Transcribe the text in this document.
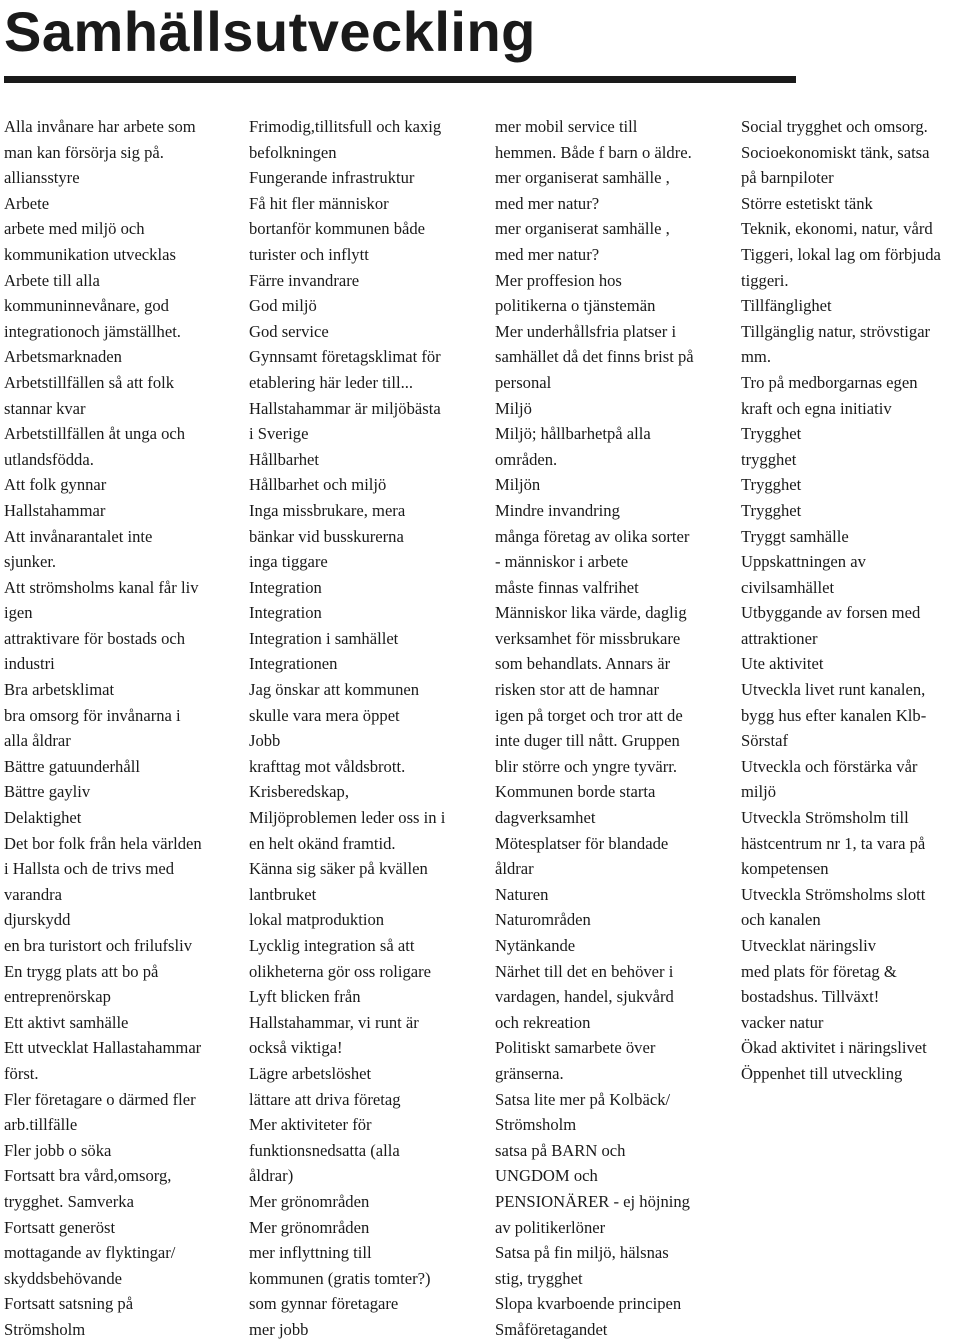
Samhällsutveckling
Alla invånare har arbete som
man kan försörja sig på.
alliansstyre
Arbete
arbete med miljö och
kommunikation utvecklas
Arbete till alla
kommuninnevånare, god
integrationoch jämställhet.
Arbetsmarknaden
Arbetstillfällen så att folk
stannar kvar
Arbetstillfällen åt unga och
utlandsfödda.
Att folk gynnar
Hallstahammar
Att invånarantalet inte
sjunker.
Att strömsholms kanal får liv
igen
attraktivare för bostads och
industri
Bra arbetsklimat
bra omsorg för invånarna i
alla åldrar
Bättre gatuunderhåll
Bättre gayliv
Delaktighet
Det bor folk från hela världen
i Hallsta och de trivs med
varandra
djurskydd
en bra turistort och frilufsliv
En trygg plats att bo på
entreprenörskap
Ett aktivt samhälle
Ett utvecklat Hallastahammar
först.
Fler företagare o därmed fler
arb.tillfälle
Fler jobb o söka
Fortsatt bra vård,omsorg,
trygghet. Samverka
Fortsatt generöst
mottagande av flyktingar/
skyddsbehövande
Fortsatt satsning på
Strömsholm
Frimodig,tillitsfull och kaxig
befolkningen
Fungerande infrastruktur
Få hit fler människor
bortanför kommunen både
turister och inflytt
Färre invandrare
God miljö
God service
Gynnsamt företagsklimat för
etablering här leder till...
Hallstahammar är miljöbästa
i Sverige
Hållbarhet
Hållbarhet och miljö
Inga missbrukare, mera
bänkar vid busskurerna
inga tiggare
Integration
Integration
Integration i samhället
Integrationen
Jag önskar att kommunen
skulle vara mera öppet
Jobb
krafttag mot våldsbrott.
Krisberedskap,
Miljöproblemen leder oss in i
en helt okänd framtid.
Känna sig säker på kvällen
lantbruket
lokal matproduktion
Lycklig integration så att
olikheterna gör oss roligare
Lyft blicken från
Hallstahammar, vi runt är
också viktiga!
Lägre arbetslöshet
lättare att driva företag
Mer aktiviteter för
funktionsnedsatta (alla
åldrar)
Mer grönområden
Mer grönområden
mer inflyttning till
kommunen (gratis tomter?)
som gynnar företagare
mer jobb
mer mobil service till
hemmen. Både f barn o äldre.
mer organiserat samhälle ,
med mer natur?
mer organiserat samhälle ,
med mer natur?
Mer proffesion hos
politikerna o tjänstemän
Mer underhållsfria platser i
samhället då det finns brist på
personal
Miljö
Miljö; hållbarhetpå alla
områden.
Miljön
Mindre invandring
många företag av olika sorter
- människor i arbete
måste finnas valfrihet
Människor lika värde, daglig
verksamhet för missbrukare
som behandlats. Annars är
risken stor att de hamnar
igen på torget och tror att de
inte duger till nått. Gruppen
blir större och yngre tyvärr.
Kommunen borde starta
dagverksamhet
Mötesplatser för blandade
åldrar
Naturen
Naturområden
Nytänkande
Närhet till det en behöver i
vardagen, handel, sjukvård
och rekreation
Politiskt samarbete över
gränserna.
Satsa lite mer på Kolbäck/
Strömsholm
satsa på BARN och
UNGDOM och
PENSIONÄRER - ej höjning
av politikerlöner
Satsa på fin miljö, hälsnas
stig, trygghet
Slopa kvarboende principen
Småföretagandet
Social trygghet och omsorg.
Socioekonomiskt tänk, satsa
på barnpiloter
Större estetiskt tänk
Teknik, ekonomi, natur, vård
Tiggeri, lokal lag om förbjuda
tiggeri.
Tillfänglighet
Tillgänglig natur, strövstigar
mm.
Tro på medborgarnas egen
kraft och egna initiativ
Trygghet
trygghet
Trygghet
Trygghet
Tryggt samhälle
Uppskattningen av
civilsamhället
Utbyggande av forsen med
attraktioner
Ute aktivitet
Utveckla livet runt kanalen,
bygg hus efter kanalen Klb-
Sörstaf
Utveckla och förstärka vår
miljö
Utveckla Strömsholm till
hästcentrum nr 1, ta vara på
kompetensen
Utveckla Strömsholms slott
och kanalen
Utvecklat näringsliv
med plats för företag &
bostadshus. Tillväxt!
vacker natur
Ökad aktivitet i näringslivet
Öppenhet till utveckling
